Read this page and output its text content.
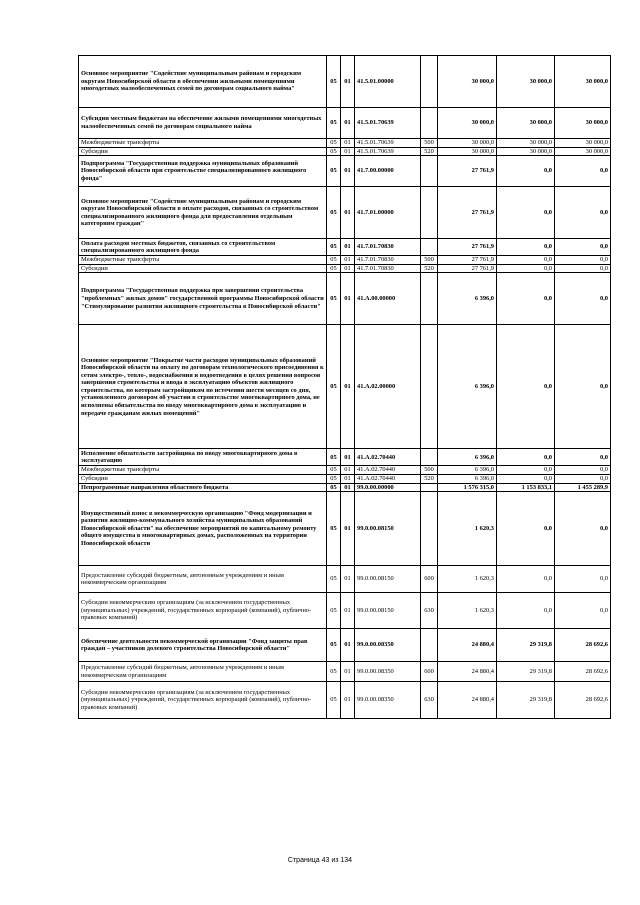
Основное мероприятие "Содействие муниципальным районам и городским округам Новосибирской области в обеспечении жильными помещениями многодетных малообеспеченных семей по договорам социального найма"	05	01	41.5.01.00000		30 000,0	30 000,0	30 000,0
Субсидии местным бюджетам на обеспечение жилыми помещениями многодетных малообеспеченных семей по договорам социального найма	05	01	41.5.01.70639		30 000,0	30 000,0	30 000,0
Межбюджетные трансферты	05	01	41.5.01.70639	500	30 000,0	30 000,0	30 000,0
Субсидии	05	01	41.5.01.70639	520	30 000,0	30 000,0	30 000,0
Подпрограмма "Государственная поддержка муниципальных образований Новосибирской области при строительстве специализированного жилищного фонда"	05	01	41.7.00.00000		27 761,9	0,0	0,0
Основное мероприятие "Содействие муниципальным районам и городским округам Новосибирской области в оплате расходов, связанных со строительством специализированного жилищного фонда для предоставления отдельным категориям граждан"	05	01	41.7.01.00000		27 761,9	0,0	0,0
Оплата расходов местных бюджетов, связанных со строительством специализированного жилищного фонда	05	01	41.7.01.70830		27 761,9	0,0	0,0
Межбюджетные трансферты	05	01	41.7.01.70830	500	27 761,9	0,0	0,0
Субсидии	05	01	41.7.01.70830	520	27 761,9	0,0	0,0
Подпрограмма "Государственная поддержка при завершении строительства "проблемных" жилых домов" государственной программы Новосибирской области "Стимулирование развития жилищного строительства в Новосибирской области"	05	01	41.А.00.00000		6 396,0	0,0	0,0
Основное мероприятие "Покрытие части расходов муниципальных образований Новосибирской области на оплату по договорам технологического присоединения к сетям электро-, тепло-, водоснабжения и водоотведения в целях решения вопросов завершения строительства и ввода в эксплуатацию объектов жилищного строительства, по которым застройщиком по истечении шести месяцев со дня, установленного договором об участии в строительстве многоквартирного дома, не исполнены обязательства по вводу многоквартирного дома в эксплуатацию и передаче гражданам жилых помещений"	05	01	41.А.02.00000		6 396,0	0,0	0,0
Исполнение обязательств застройщика по вводу многоквартирного дома в эксплуатацию	05	01	41.А.02.70440		6 396,0	0,0	0,0
Межбюджетные трансферты	05	01	41.А.02.70440	500	6 396,0	0,0	0,0
Субсидии	05	01	41.А.02.70440	520	6 396,0	0,0	0,0
Непрограммные направления областного бюджета	05	01	99.0.00.00000		1 576 315,0	1 153 833,1	1 455 289,9
Имущественный взнос в некоммерческую организацию "Фонд модернизации и развития жилищно-коммунального хозяйства муниципальных образований Новосибирской области" на обеспечение мероприятий по капитальному ремонту общего имущества в многоквартирных домах, расположенных на территории Новосибирской области	05	01	99.0.00.08150		1 620,3	0,0	0,0
Предоставление субсидий бюджетным, автономным учреждениям и иным некоммерческим организациям	05	01	99.0.00.08150	600	1 620,3	0,0	0,0
Субсидии некоммерческим организациям (за исключением государственных (муниципальных) учреждений, государственных корпораций (компаний), публично-правовых компаний)	05	01	99.0.00.08150	630	1 620,3	0,0	0,0
Обеспечение деятельности некоммерческой организации "Фонд защиты прав граждан – участников долевого строительства Новосибирской области"	05	01	99.0.00.08350		24 880,4	29 319,8	28 692,6
Предоставление субсидий бюджетным, автономным учреждениям и иным некоммерческим организациям	05	01	99.0.00.08350	600	24 880,4	29 319,8	28 692,6
Субсидии некоммерческим организациям (за исключением государственных (муниципальных) учреждений, государственных корпораций (компаний), публично-правовых компаний)	05	01	99.0.00.08350	630	24 880,4	29 319,8	28 692,6
Страница 43 из 134
